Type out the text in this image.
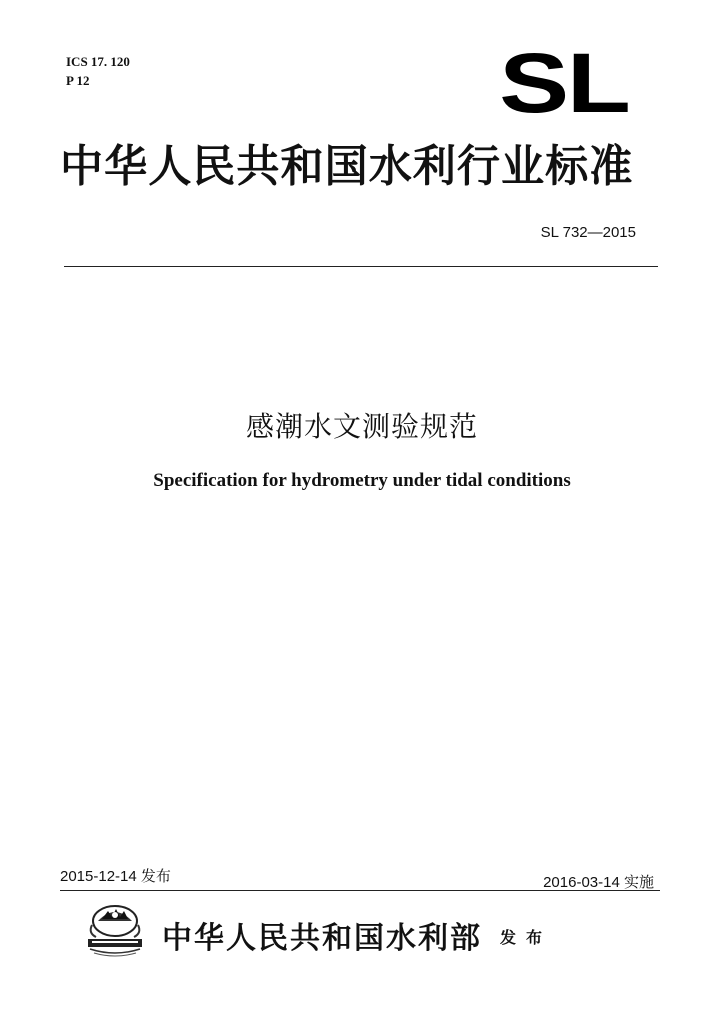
ICS 17. 120
P 12	SL
中华人民共和国水利行业标准
SL 732—2015
感潮水文测验规范
Specification for hydrometry under tidal conditions
2015-12-14 发布	2016-03-14 实施
中华人民共和国水利部 发布
